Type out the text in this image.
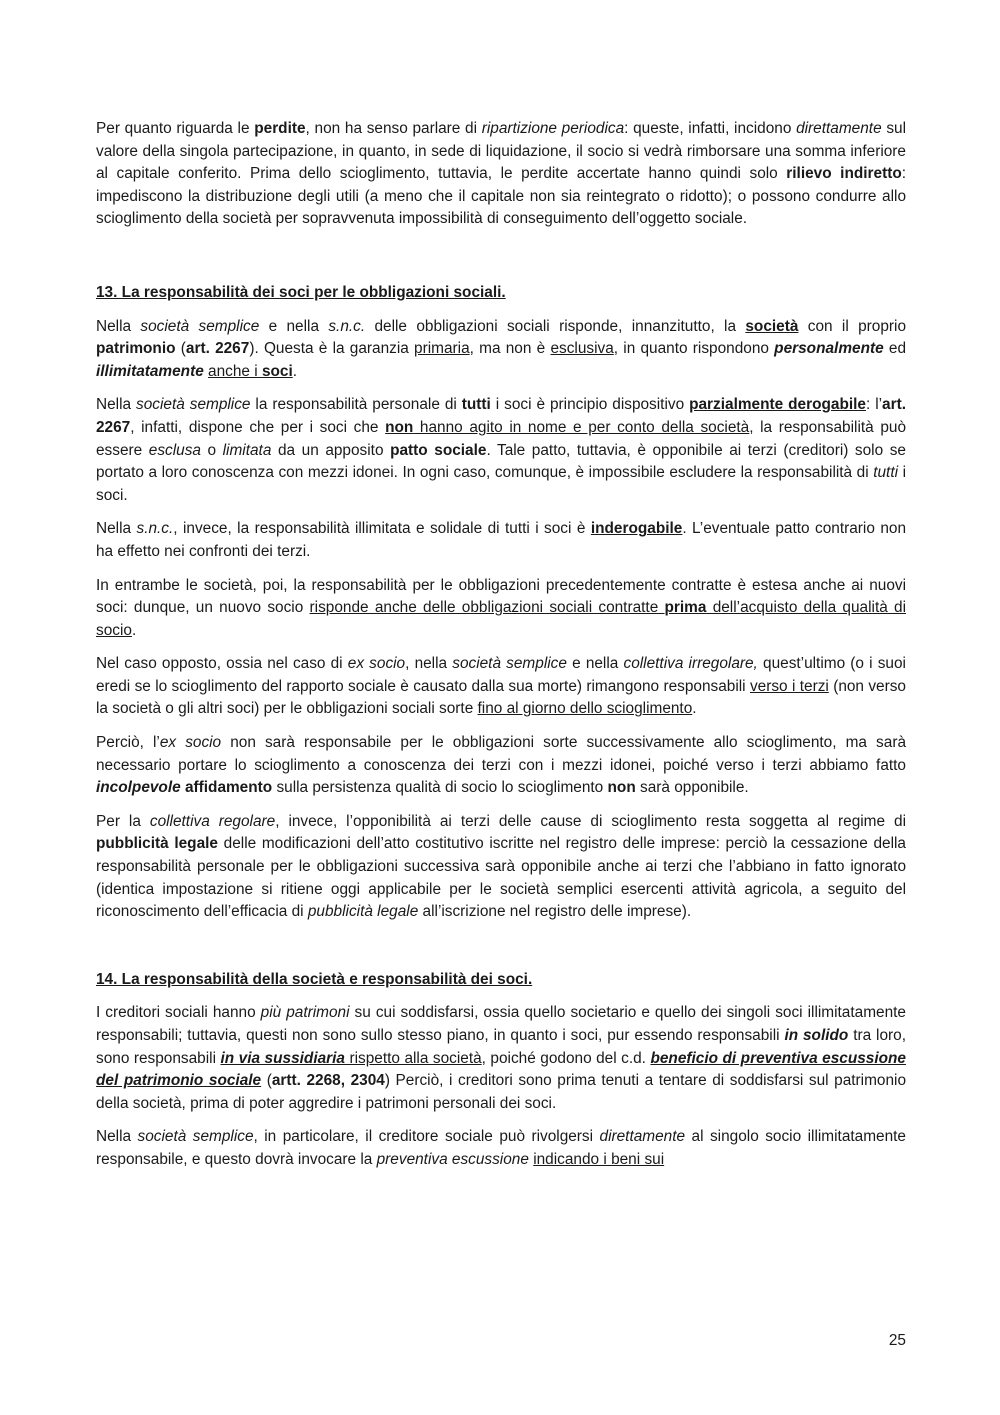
Per quanto riguarda le perdite, non ha senso parlare di ripartizione periodica: queste, infatti, incidono direttamente sul valore della singola partecipazione, in quanto, in sede di liquidazione, il socio si vedrà rimborsare una somma inferiore al capitale conferito. Prima dello scioglimento, tuttavia, le perdite accertate hanno quindi solo rilievo indiretto: impediscono la distribuzione degli utili (a meno che il capitale non sia reintegrato o ridotto); o possono condurre allo scioglimento della società per sopravvenuta impossibilità di conseguimento dell’oggetto sociale.

13. La responsabilità dei soci per le obbligazioni sociali.

Nella società semplice e nella s.n.c. delle obbligazioni sociali risponde, innanzitutto, la società con il proprio patrimonio (art. 2267). Questa è la garanzia primaria, ma non è esclusiva, in quanto rispondono personalmente ed illimitatamente anche i soci.

Nella società semplice la responsabilità personale di tutti i soci è principio dispositivo parzialmente derogabile: l’art. 2267, infatti, dispone che per i soci che non hanno agito in nome e per conto della società, la responsabilità può essere esclusa o limitata da un apposito patto sociale. Tale patto, tuttavia, è opponibile ai terzi (creditori) solo se portato a loro conoscenza con mezzi idonei. In ogni caso, comunque, è impossibile escludere la responsabilità di tutti i soci.

Nella s.n.c., invece, la responsabilità illimitata e solidale di tutti i soci è inderogabile. L’eventuale patto contrario non ha effetto nei confronti dei terzi.

In entrambe le società, poi, la responsabilità per le obbligazioni precedentemente contratte è estesa anche ai nuovi soci: dunque, un nuovo socio risponde anche delle obbligazioni sociali contratte prima dell’acquisto della qualità di socio.

Nel caso opposto, ossia nel caso di ex socio, nella società semplice e nella collettiva irregolare, quest’ultimo (o i suoi eredi se lo scioglimento del rapporto sociale è causato dalla sua morte) rimangono responsabili verso i terzi (non verso la società o gli altri soci) per le obbligazioni sociali sorte fino al giorno dello scioglimento.

Perciò, l’ex socio non sarà responsabile per le obbligazioni sorte successivamente allo scioglimento, ma sarà necessario portare lo scioglimento a conoscenza dei terzi con i mezzi idonei, poiché verso i terzi abbiamo fatto incolpevole affidamento sulla persistenza qualità di socio lo scioglimento non sarà opponibile.

Per la collettiva regolare, invece, l’opponibilità ai terzi delle cause di scioglimento resta soggetta al regime di pubblicità legale delle modificazioni dell’atto costitutivo iscritte nel registro delle imprese: perciò la cessazione della responsabilità personale per le obbligazioni successiva sarà opponibile anche ai terzi che l’abbiano in fatto ignorato (identica impostazione si ritiene oggi applicabile per le società semplici esercenti attività agricola, a seguito del riconoscimento dell’efficacia di pubblicità legale all’iscrizione nel registro delle imprese).

14. La responsabilità della società e responsabilità dei soci.

I creditori sociali hanno più patrimoni su cui soddisfarsi, ossia quello societario e quello dei singoli soci illimitatamente responsabili; tuttavia, questi non sono sullo stesso piano, in quanto i soci, pur essendo responsabili in solido tra loro, sono responsabili in via sussidiaria rispetto alla società, poiché godono del c.d. beneficio di preventiva escussione del patrimonio sociale (artt. 2268, 2304) Perciò, i creditori sono prima tenuti a tentare di soddisfarsi sul patrimonio della società, prima di poter aggredire i patrimoni personali dei soci.

Nella società semplice, in particolare, il creditore sociale può rivolgersi direttamente al singolo socio illimitatamente responsabile, e questo dovrà invocare la preventiva escussione indicando i beni sui

25
